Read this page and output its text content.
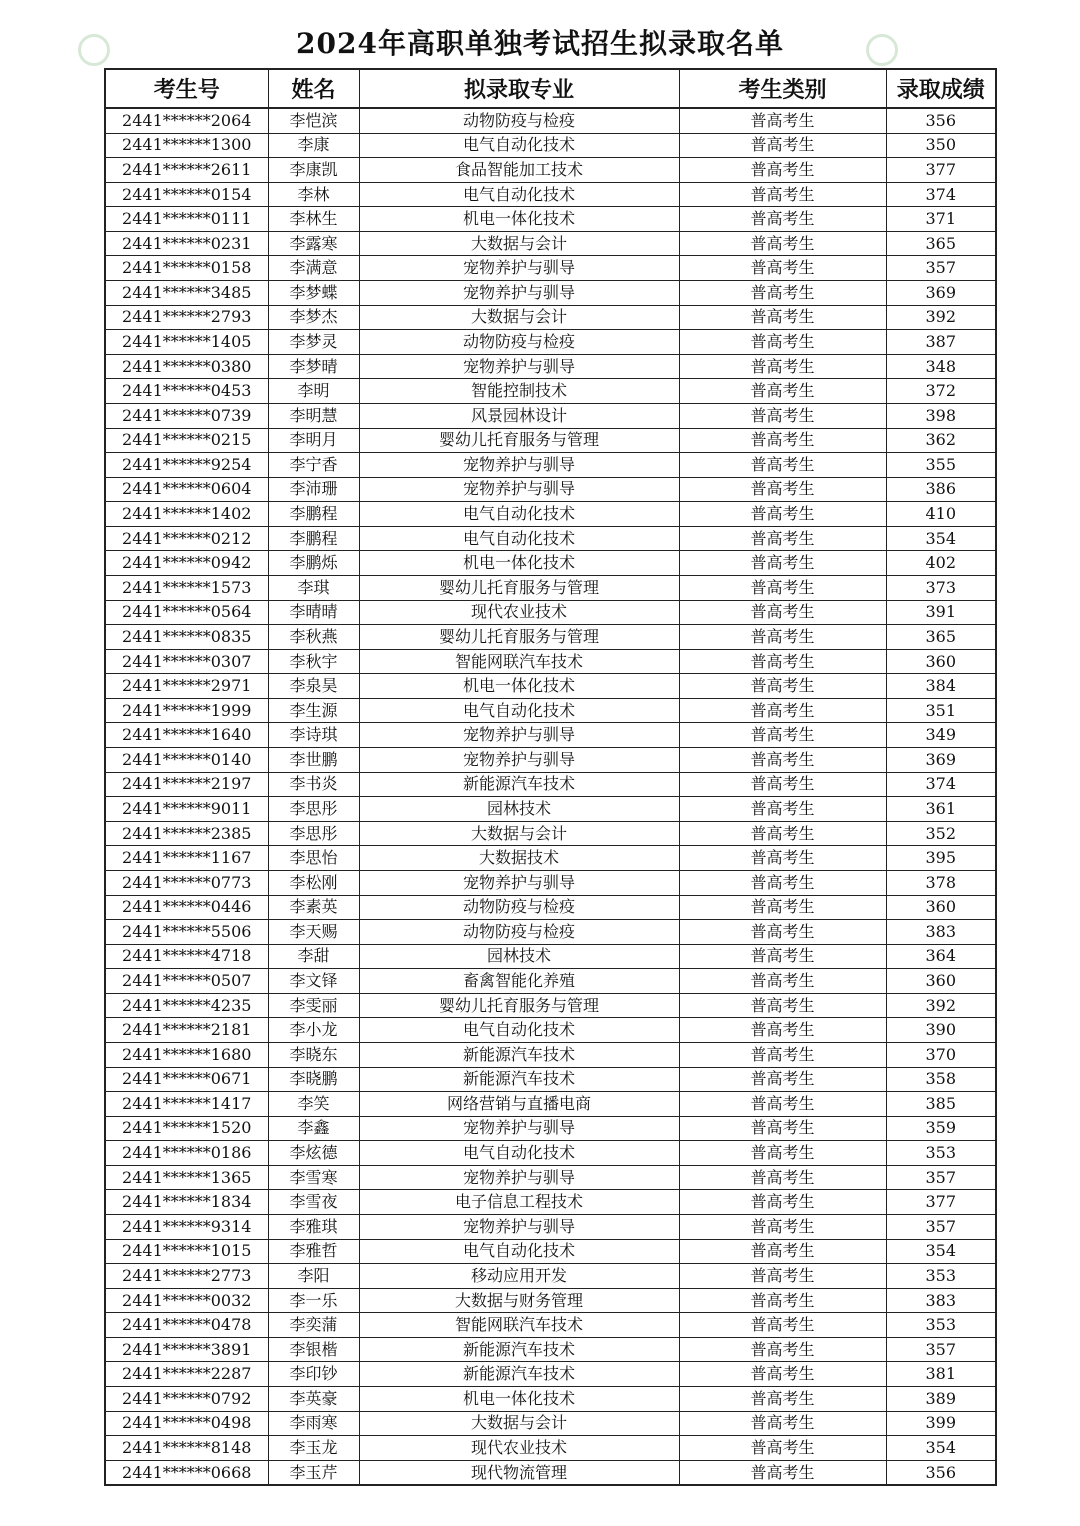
2024年高职单独考试招生拟录取名单
考生号	姓名	拟录取专业	考生类别	录取成绩
2441******2064	李恺滨	动物防疫与检疫	普高考生	356
2441******1300	李康	电气自动化技术	普高考生	350
2441******2611	李康凯	食品智能加工技术	普高考生	377
2441******0154	李林	电气自动化技术	普高考生	374
2441******0111	李林生	机电一体化技术	普高考生	371
2441******0231	李露寒	大数据与会计	普高考生	365
2441******0158	李满意	宠物养护与驯导	普高考生	357
2441******3485	李梦蝶	宠物养护与驯导	普高考生	369
2441******2793	李梦杰	大数据与会计	普高考生	392
2441******1405	李梦灵	动物防疫与检疫	普高考生	387
2441******0380	李梦晴	宠物养护与驯导	普高考生	348
2441******0453	李明	智能控制技术	普高考生	372
2441******0739	李明慧	风景园林设计	普高考生	398
2441******0215	李明月	婴幼儿托育服务与管理	普高考生	362
2441******9254	李宁香	宠物养护与驯导	普高考生	355
2441******0604	李沛珊	宠物养护与驯导	普高考生	386
2441******1402	李鹏程	电气自动化技术	普高考生	410
2441******0212	李鹏程	电气自动化技术	普高考生	354
2441******0942	李鹏烁	机电一体化技术	普高考生	402
2441******1573	李琪	婴幼儿托育服务与管理	普高考生	373
2441******0564	李晴晴	现代农业技术	普高考生	391
2441******0835	李秋燕	婴幼儿托育服务与管理	普高考生	365
2441******0307	李秋宇	智能网联汽车技术	普高考生	360
2441******2971	李泉昊	机电一体化技术	普高考生	384
2441******1999	李生源	电气自动化技术	普高考生	351
2441******1640	李诗琪	宠物养护与驯导	普高考生	349
2441******0140	李世鹏	宠物养护与驯导	普高考生	369
2441******2197	李书炎	新能源汽车技术	普高考生	374
2441******9011	李思彤	园林技术	普高考生	361
2441******2385	李思彤	大数据与会计	普高考生	352
2441******1167	李思怡	大数据技术	普高考生	395
2441******0773	李松刚	宠物养护与驯导	普高考生	378
2441******0446	李素英	动物防疫与检疫	普高考生	360
2441******5506	李天赐	动物防疫与检疫	普高考生	383
2441******4718	李甜	园林技术	普高考生	364
2441******0507	李文铎	畜禽智能化养殖	普高考生	360
2441******4235	李雯丽	婴幼儿托育服务与管理	普高考生	392
2441******2181	李小龙	电气自动化技术	普高考生	390
2441******1680	李晓东	新能源汽车技术	普高考生	370
2441******0671	李晓鹏	新能源汽车技术	普高考生	358
2441******1417	李笑	网络营销与直播电商	普高考生	385
2441******1520	李鑫	宠物养护与驯导	普高考生	359
2441******0186	李炫德	电气自动化技术	普高考生	353
2441******1365	李雪寒	宠物养护与驯导	普高考生	357
2441******1834	李雪夜	电子信息工程技术	普高考生	377
2441******9314	李雅琪	宠物养护与驯导	普高考生	357
2441******1015	李雅哲	电气自动化技术	普高考生	354
2441******2773	李阳	移动应用开发	普高考生	353
2441******0032	李一乐	大数据与财务管理	普高考生	383
2441******0478	李奕蒲	智能网联汽车技术	普高考生	353
2441******3891	李银楷	新能源汽车技术	普高考生	357
2441******2287	李印钞	新能源汽车技术	普高考生	381
2441******0792	李英豪	机电一体化技术	普高考生	389
2441******0498	李雨寒	大数据与会计	普高考生	399
2441******8148	李玉龙	现代农业技术	普高考生	354
2441******0668	李玉芹	现代物流管理	普高考生	356
